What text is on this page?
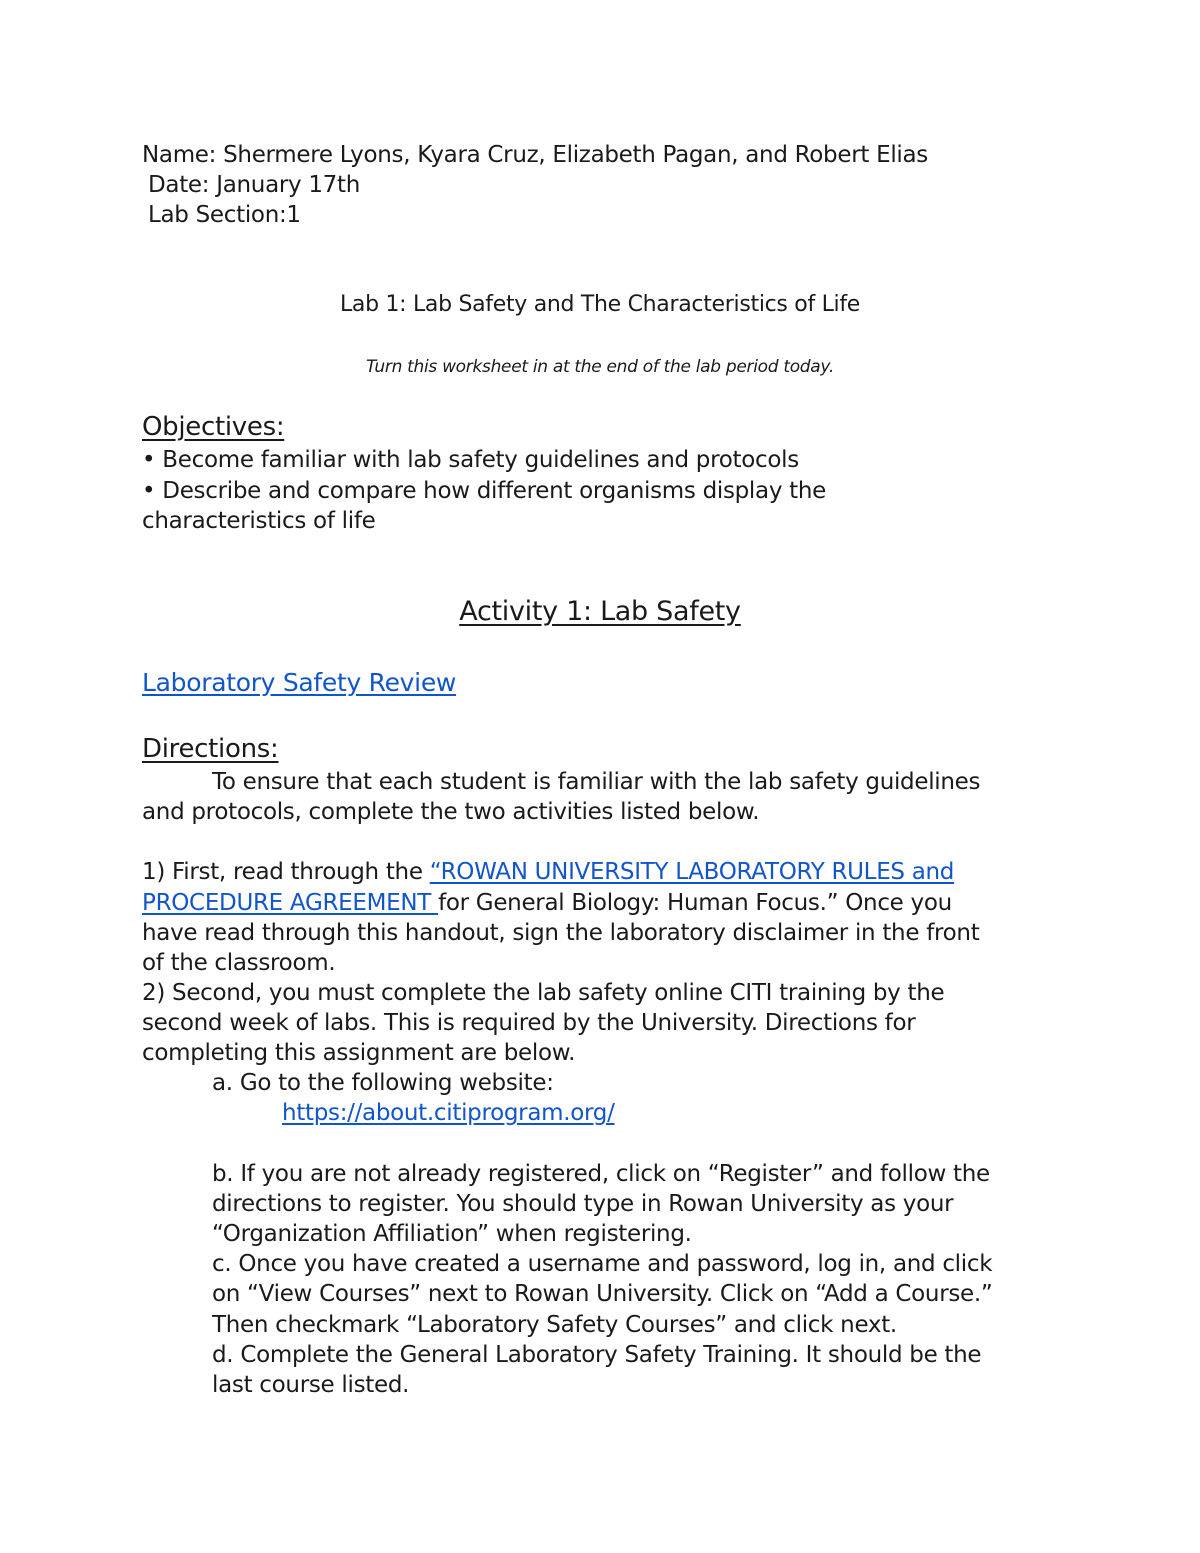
Name: Shermere Lyons, Kyara Cruz, Elizabeth Pagan, and Robert Elias
Date: January 17th
Lab Section:1
Lab 1: Lab Safety and The Characteristics of Life
Turn this worksheet in at the end of the lab period today.
Objectives:
• Become familiar with lab safety guidelines and protocols
• Describe and compare how different organisms display the
characteristics of life
Activity 1: Lab Safety
Laboratory Safety Review
Directions:
To ensure that each student is familiar with the lab safety guidelines
and protocols, complete the two activities listed below.
1) First, read through the “ROWAN UNIVERSITY LABORATORY RULES and
PROCEDURE AGREEMENT for General Biology: Human Focus.” Once you
have read through this handout, sign the laboratory disclaimer in the front
of the classroom.
2) Second, you must complete the lab safety online CITI training by the
second week of labs. This is required by the University. Directions for
completing this assignment are below.
a. Go to the following website:
https://about.citiprogram.org/
b. If you are not already registered, click on “Register” and follow the
directions to register. You should type in Rowan University as your
“Organization Affiliation” when registering.
c. Once you have created a username and password, log in, and click
on “View Courses” next to Rowan University. Click on “Add a Course.”
Then checkmark “Laboratory Safety Courses” and click next.
d. Complete the General Laboratory Safety Training. It should be the
last course listed.
